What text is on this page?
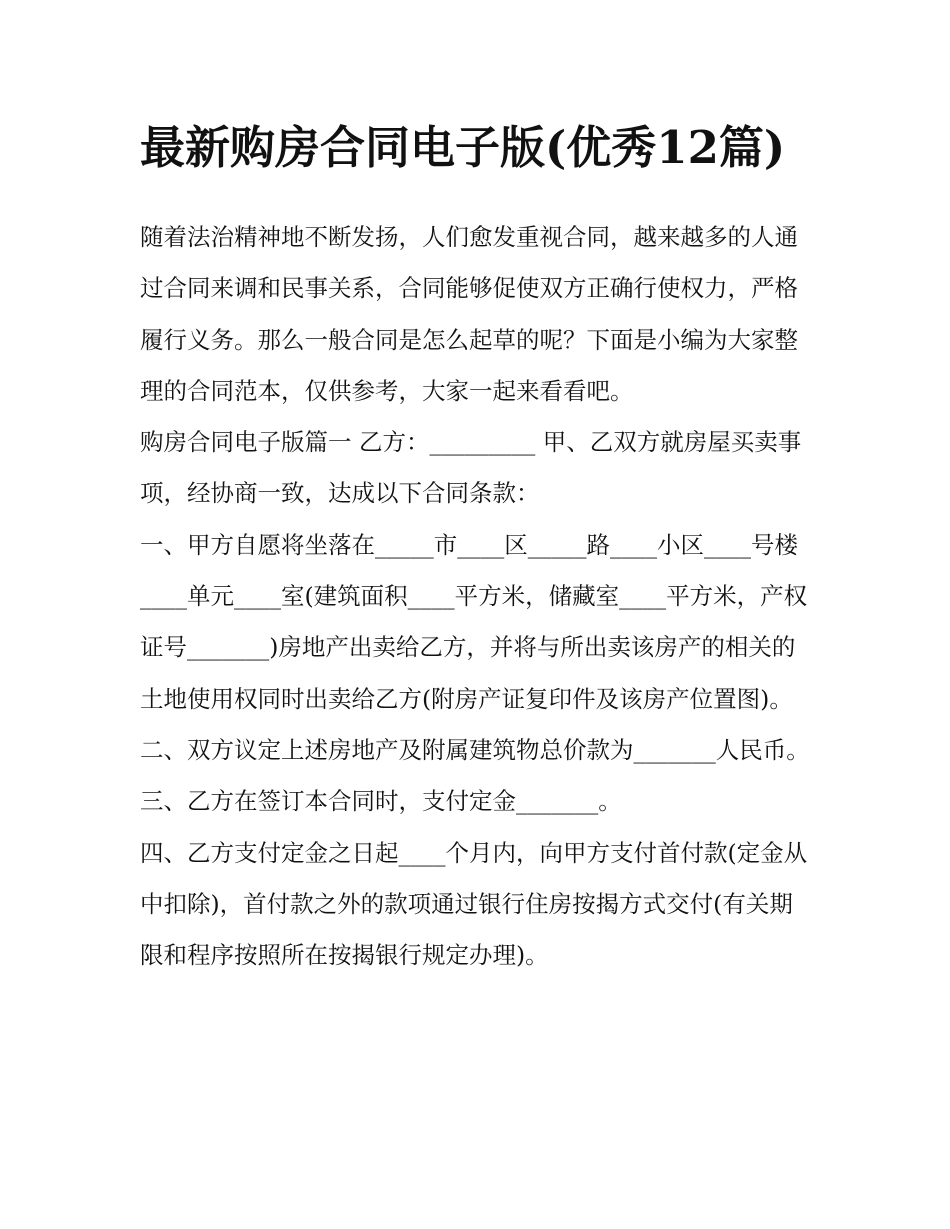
最新购房合同电子版(优秀12篇)

随着法治精神地不断发扬，人们愈发重视合同，越来越多的人通过合同来调和民事关系，合同能够促使双方正确行使权力，严格履行义务。那么一般合同是怎么起草的呢？下面是小编为大家整理的合同范本，仅供参考，大家一起来看看吧。

购房合同电子版篇一 乙方：_________ 甲、乙双方就房屋买卖事项，经协商一致，达成以下合同条款：

一、甲方自愿将坐落在_____市____区_____路____小区____号楼____单元____室(建筑面积____平方米，储藏室____平方米，产权证号_______)房地产出卖给乙方，并将与所出卖该房产的相关的土地使用权同时出卖给乙方(附房产证复印件及该房产位置图)。

二、双方议定上述房地产及附属建筑物总价款为_______人民币。 三、乙方在签订本合同时，支付定金_______。

四、乙方支付定金之日起____个月内，向甲方支付首付款(定金从中扣除)，首付款之外的款项通过银行住房按揭方式交付(有关期限和程序按照所在按揭银行规定办理)。
